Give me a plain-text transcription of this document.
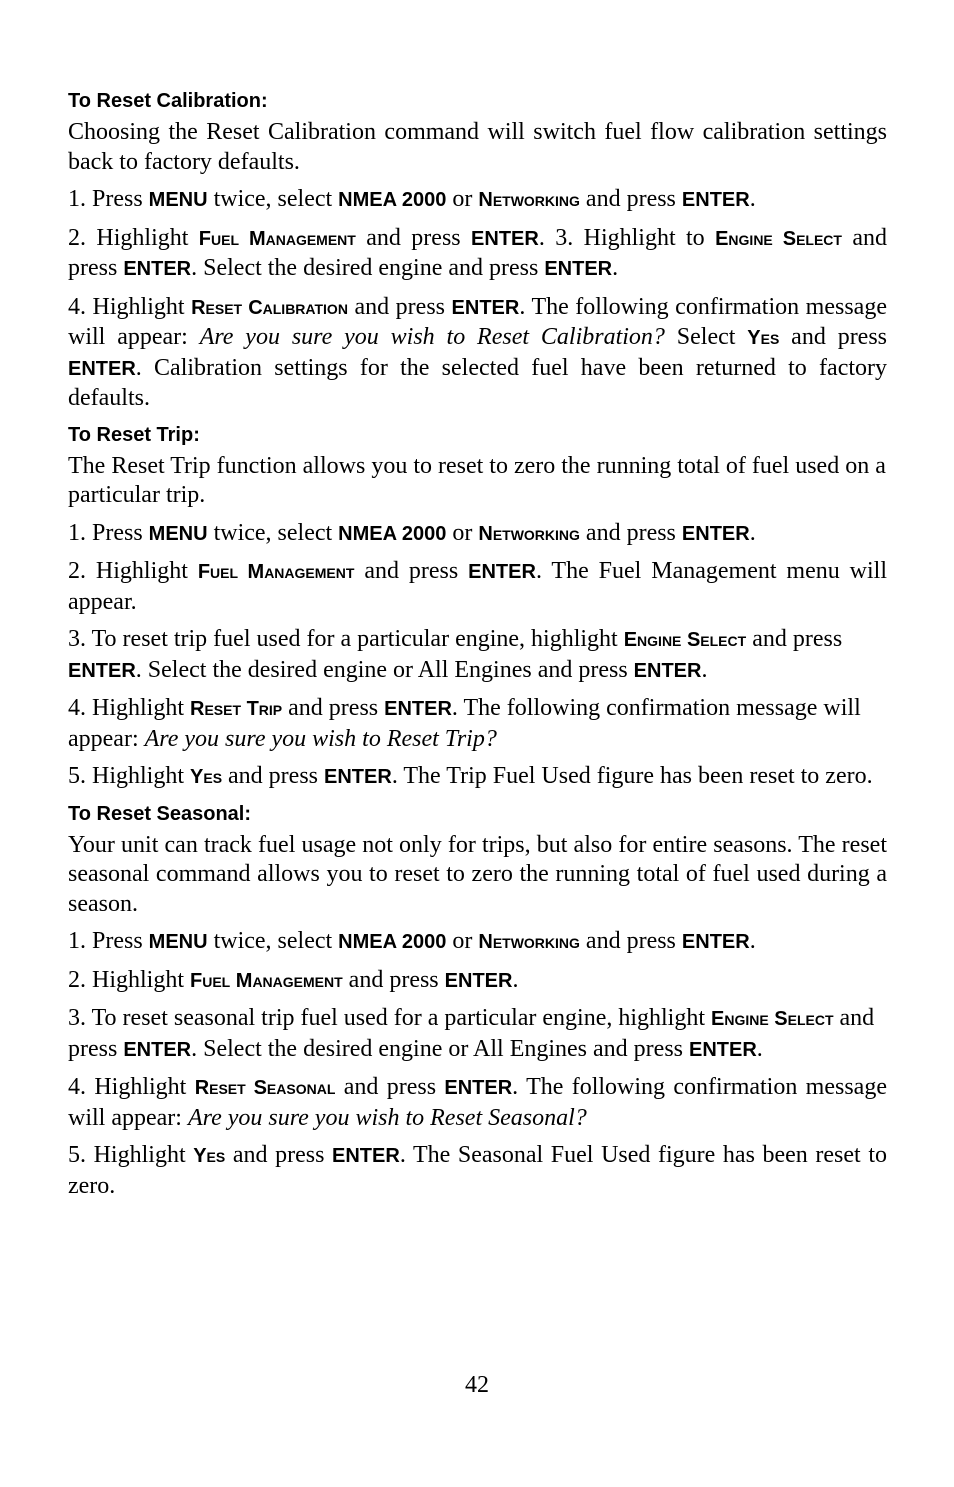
To Reset Calibration:

Choosing the Reset Calibration command will switch fuel flow calibration settings back to factory defaults.

1. Press MENU twice, select NMEA 2000 or Networking and press ENTER.

2. Highlight Fuel Management and press ENTER. 3. Highlight to Engine Select and press ENTER. Select the desired engine and press ENTER.

4. Highlight Reset Calibration and press ENTER. The following confirmation message will appear: Are you sure you wish to Reset Calibration? Select Yes and press ENTER. Calibration settings for the selected fuel have been returned to factory defaults.

To Reset Trip:

The Reset Trip function allows you to reset to zero the running total of fuel used on a particular trip.

1. Press MENU twice, select NMEA 2000 or Networking and press ENTER.

2. Highlight Fuel Management and press ENTER. The Fuel Management menu will appear.

3. To reset trip fuel used for a particular engine, highlight Engine Select and press ENTER. Select the desired engine or All Engines and press ENTER.

4. Highlight Reset Trip and press ENTER. The following confirmation message will appear: Are you sure you wish to Reset Trip?

5. Highlight Yes and press ENTER. The Trip Fuel Used figure has been reset to zero.

To Reset Seasonal:

Your unit can track fuel usage not only for trips, but also for entire seasons. The reset seasonal command allows you to reset to zero the running total of fuel used during a season.

1. Press MENU twice, select NMEA 2000 or Networking and press ENTER.

2. Highlight Fuel Management and press ENTER.

3. To reset seasonal trip fuel used for a particular engine, highlight Engine Select and press ENTER. Select the desired engine or All Engines and press ENTER.

4. Highlight Reset Seasonal and press ENTER. The following confirmation message will appear: Are you sure you wish to Reset Seasonal?

5. Highlight Yes and press ENTER. The Seasonal Fuel Used figure has been reset to zero.

42
